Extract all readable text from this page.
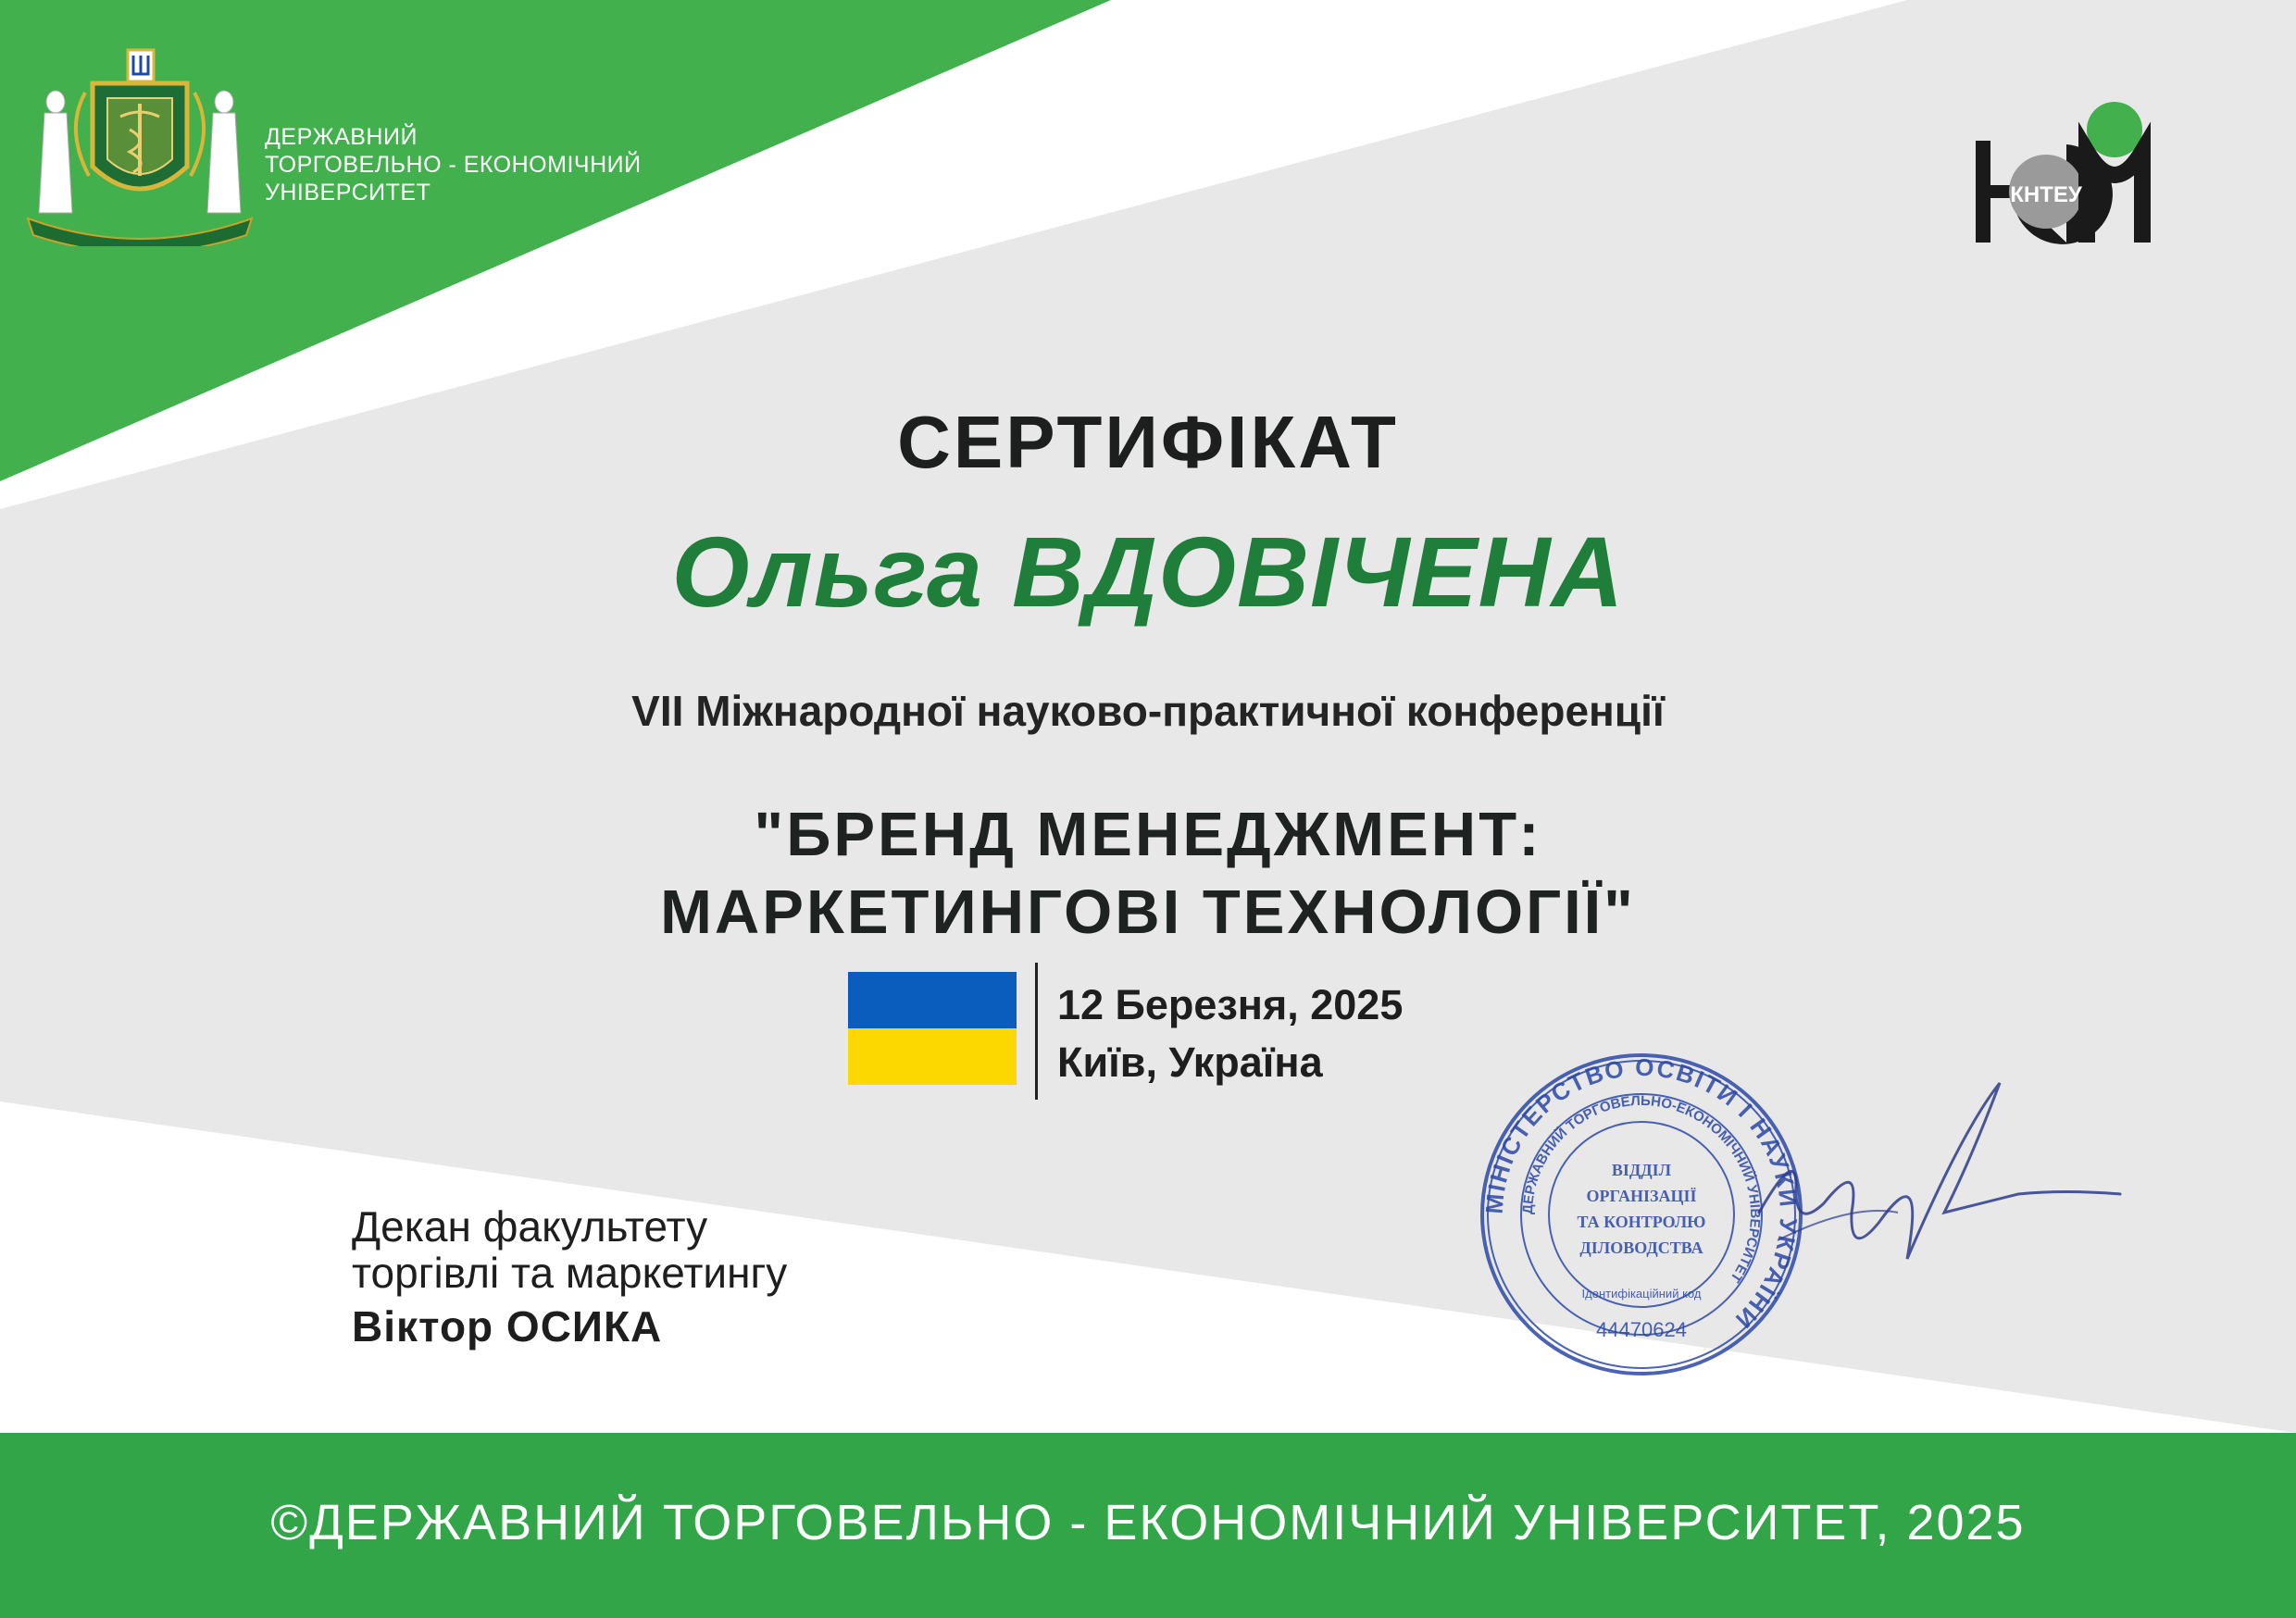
ДЕРЖАВНИЙ
ТОРГОВЕЛЬНО - ЕКОНОМІЧНИЙ
УНІВЕРСИТЕТ	КНТЕУ
СЕРТИФІКАТ
Ольга ВДОВІЧЕНА
VII Міжнародної науково-практичної конференції
"БРЕНД МЕНЕДЖМЕНТ:
МАРКЕТИНГОВІ ТЕХНОЛОГІЇ"
12 Березня, 2025
Київ, Україна
Декан факультету
торгівлі та маркетингу
Віктор ОСИКА
МІНІСТЕРСТВО ОСВІТИ І НАУКИ УКРАЇНИ
ДЕРЖАВНИЙ ТОРГОВЕЛЬНО-ЕКОНОМІЧНИЙ УНІВЕРСИТЕТ
ВІДДІЛ
ОРГАНІЗАЦІЇ
ТА КОНТРОЛЮ
ДІЛОВОДСТВА
Ідентифікаційний код
44470624
©ДЕРЖАВНИЙ ТОРГОВЕЛЬНО - ЕКОНОМІЧНИЙ УНІВЕРСИТЕТ, 2025
